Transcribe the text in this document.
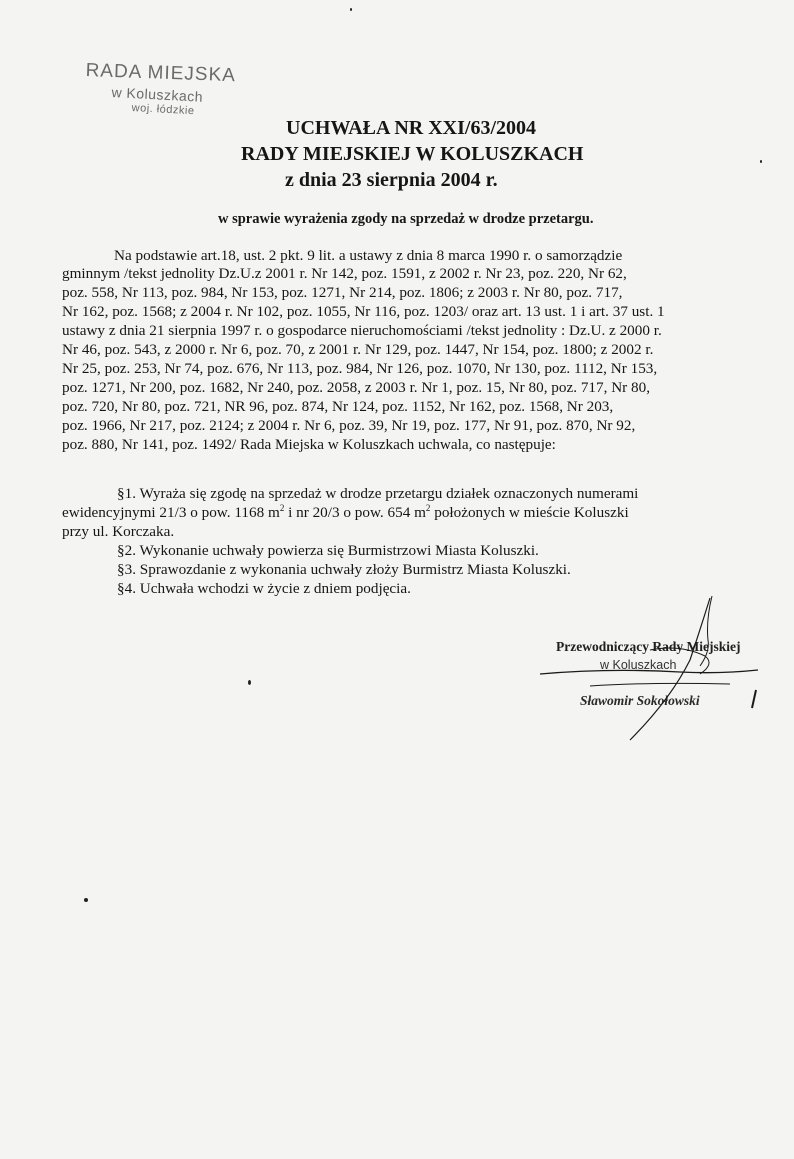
RADA MIEJSKA
w Koluszkach
woj. łódzkie
UCHWAŁA NR XXI/63/2004
RADY MIEJSKIEJ W KOLUSZKACH
z dnia 23 sierpnia 2004 r.
w sprawie wyrażenia zgody na sprzedaż w drodze przetargu.
Na podstawie art.18, ust. 2 pkt. 9 lit. a ustawy z dnia 8 marca 1990 r. o samorządzie
gminnym /tekst jednolity Dz.U.z 2001 r. Nr 142, poz. 1591, z 2002 r. Nr 23, poz. 220, Nr 62,
poz. 558, Nr 113, poz. 984, Nr 153, poz. 1271, Nr 214, poz. 1806; z 2003 r. Nr 80, poz. 717,
Nr 162, poz. 1568; z 2004 r. Nr 102, poz. 1055, Nr 116, poz. 1203/ oraz art. 13 ust. 1 i art. 37 ust. 1
ustawy z dnia 21 sierpnia 1997 r. o gospodarce nieruchomościami /tekst jednolity : Dz.U. z 2000 r.
Nr 46, poz. 543, z 2000 r. Nr 6, poz. 70, z 2001 r. Nr 129, poz. 1447, Nr 154, poz. 1800; z 2002 r.
Nr 25, poz. 253, Nr 74, poz. 676, Nr 113, poz. 984, Nr 126, poz. 1070, Nr 130, poz. 1112, Nr 153,
poz. 1271, Nr 200, poz. 1682, Nr 240, poz. 2058, z 2003 r. Nr 1, poz. 15, Nr 80, poz. 717, Nr 80,
poz. 720, Nr 80, poz. 721, NR 96, poz. 874, Nr 124, poz. 1152, Nr 162, poz. 1568, Nr 203,
poz. 1966, Nr 217, poz. 2124; z 2004 r. Nr 6, poz. 39, Nr 19, poz. 177, Nr 91, poz. 870, Nr 92,
poz. 880, Nr 141, poz. 1492/ Rada Miejska w Koluszkach uchwala, co następuje:
§1. Wyraża się zgodę na sprzedaż w drodze przetargu działek oznaczonych numerami
ewidencyjnymi 21/3 o pow. 1168 $m^2$ i nr 20/3 o pow. 654 $m^2$ położonych w mieście Koluszki
przy ul. Korczaka.
§2. Wykonanie uchwały powierza się Burmistrzowi Miasta Koluszki.
§3. Sprawozdanie z wykonania uchwały złoży Burmistrz Miasta Koluszki.
§4. Uchwała wchodzi w życie z dniem podjęcia.
Przewodniczący Rady Miejskiej
w Koluszkach
Sławomir Sokołowski
